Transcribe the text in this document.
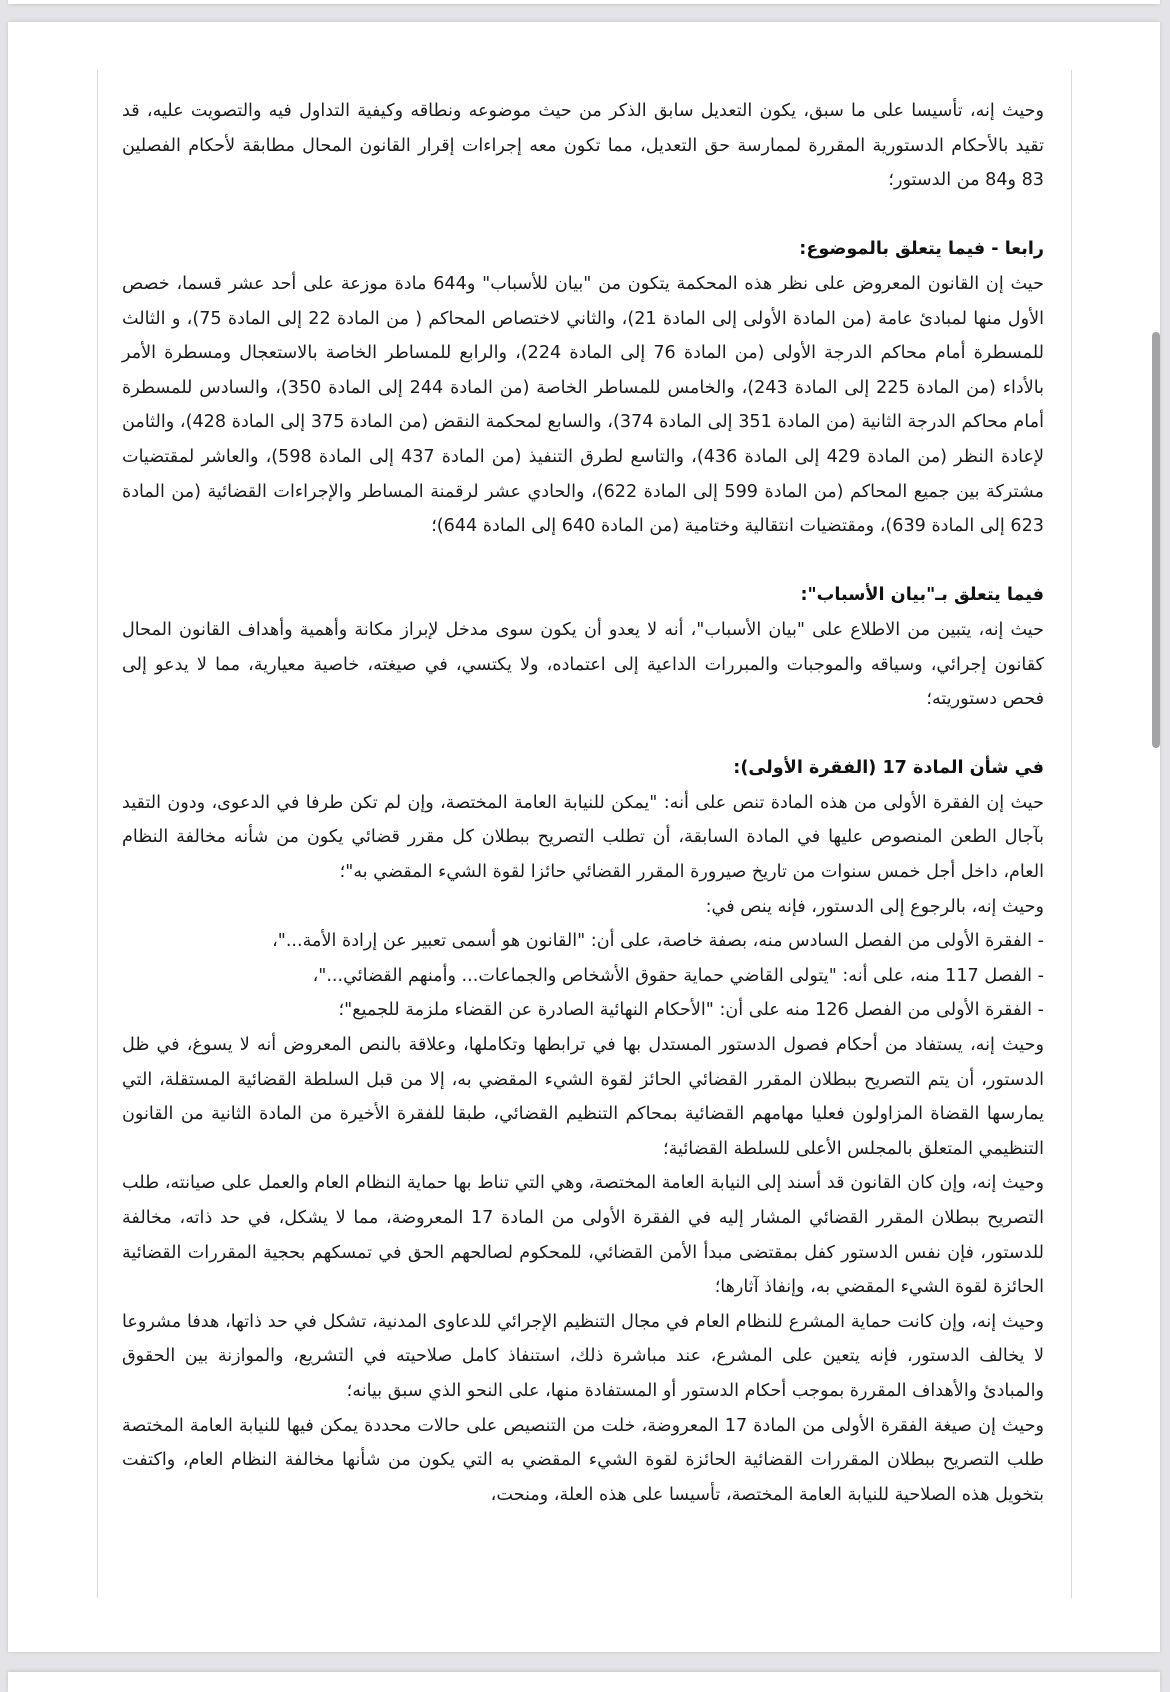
وحيث إنه، تأسيسا على ما سبق، يكون التعديل سابق الذكر من حيث موضوعه ونطاقه وكيفية التداول فيه والتصويت عليه، قد تقيد بالأحكام الدستورية المقررة لممارسة حق التعديل، مما تكون معه إجراءات إقرار القانون المحال مطابقة لأحكام الفصلين 83 و84 من الدستور؛

رابعا - فيما يتعلق بالموضوع:

حيث إن القانون المعروض على نظر هذه المحكمة يتكون من "بيان للأسباب" و644 مادة موزعة على أحد عشر قسما، خصص الأول منها لمبادئ عامة (من المادة الأولى إلى المادة 21)، والثاني لاختصاص المحاكم ( من المادة 22 إلى المادة 75)، و الثالث للمسطرة أمام محاكم الدرجة الأولى (من المادة 76 إلى المادة 224)، والرابع للمساطر الخاصة بالاستعجال ومسطرة الأمر بالأداء (من المادة 225 إلى المادة 243)، والخامس للمساطر الخاصة (من المادة 244 إلى المادة 350)، والسادس للمسطرة أمام محاكم الدرجة الثانية (من المادة 351 إلى المادة 374)، والسابع لمحكمة النقض (من المادة 375 إلى المادة 428)، والثامن لإعادة النظر (من المادة 429 إلى المادة 436)، والتاسع لطرق التنفيذ (من المادة 437 إلى المادة 598)، والعاشر لمقتضيات مشتركة بين جميع المحاكم (من المادة 599 إلى المادة 622)، والحادي عشر لرقمنة المساطر والإجراءات القضائية (من المادة 623 إلى المادة 639)، ومقتضيات انتقالية وختامية (من المادة 640 إلى المادة 644)؛

فيما يتعلق بـ"بيان الأسباب":

حيث إنه، يتبين من الاطلاع على "بيان الأسباب"، أنه لا يعدو أن يكون سوى مدخل لإبراز مكانة وأهمية وأهداف القانون المحال كقانون إجرائي، وسياقه والموجبات والمبررات الداعية إلى اعتماده، ولا يكتسي، في صيغته، خاصية معيارية، مما لا يدعو إلى فحص دستوريته؛

في شأن المادة 17 (الفقرة الأولى):

حيث إن الفقرة الأولى من هذه المادة تنص على أنه: "يمكن للنيابة العامة المختصة، وإن لم تكن طرفا في الدعوى، ودون التقيد بآجال الطعن المنصوص عليها في المادة السابقة، أن تطلب التصريح ببطلان كل مقرر قضائي يكون من شأنه مخالفة النظام العام، داخل أجل خمس سنوات من تاريخ صيرورة المقرر القضائي حائزا لقوة الشيء المقضي به"؛

وحيث إنه، بالرجوع إلى الدستور، فإنه ينص في:

- الفقرة الأولى من الفصل السادس منه، بصفة خاصة، على أن: "القانون هو أسمى تعبير عن إرادة الأمة..."،

- الفصل 117 منه، على أنه: "يتولى القاضي حماية حقوق الأشخاص والجماعات... وأمنهم القضائي..."،

- الفقرة الأولى من الفصل 126 منه على أن: "الأحكام النهائية الصادرة عن القضاء ملزمة للجميع"؛

وحيث إنه، يستفاد من أحكام فصول الدستور المستدل بها في ترابطها وتكاملها، وعلاقة بالنص المعروض أنه لا يسوغ، في ظل الدستور، أن يتم التصريح ببطلان المقرر القضائي الحائز لقوة الشيء المقضي به، إلا من قبل السلطة القضائية المستقلة، التي يمارسها القضاة المزاولون فعليا مهامهم القضائية بمحاكم التنظيم القضائي، طبقا للفقرة الأخيرة من المادة الثانية من القانون التنظيمي المتعلق بالمجلس الأعلى للسلطة القضائية؛

وحيث إنه، وإن كان القانون قد أسند إلى النيابة العامة المختصة، وهي التي تناط بها حماية النظام العام والعمل على صيانته، طلب التصريح ببطلان المقرر القضائي المشار إليه في الفقرة الأولى من المادة 17 المعروضة، مما لا يشكل، في حد ذاته، مخالفة للدستور، فإن نفس الدستور كفل بمقتضى مبدأ الأمن القضائي، للمحكوم لصالحهم الحق في تمسكهم بحجية المقررات القضائية الحائزة لقوة الشيء المقضي به، وإنفاذ آثارها؛

وحيث إنه، وإن كانت حماية المشرع للنظام العام في مجال التنظيم الإجرائي للدعاوى المدنية، تشكل في حد ذاتها، هدفا مشروعا لا يخالف الدستور، فإنه يتعين على المشرع، عند مباشرة ذلك، استنفاذ كامل صلاحيته في التشريع، والموازنة بين الحقوق والمبادئ والأهداف المقررة بموجب أحكام الدستور أو المستفادة منها، على النحو الذي سبق بيانه؛

وحيث إن صيغة الفقرة الأولى من المادة 17 المعروضة، خلت من التنصيص على حالات محددة يمكن فيها للنيابة العامة المختصة طلب التصريح ببطلان المقررات القضائية الحائزة لقوة الشيء المقضي به التي يكون من شأنها مخالفة النظام العام، واكتفت بتخويل هذه الصلاحية للنيابة العامة المختصة، تأسيسا على هذه العلة، ومنحت،
